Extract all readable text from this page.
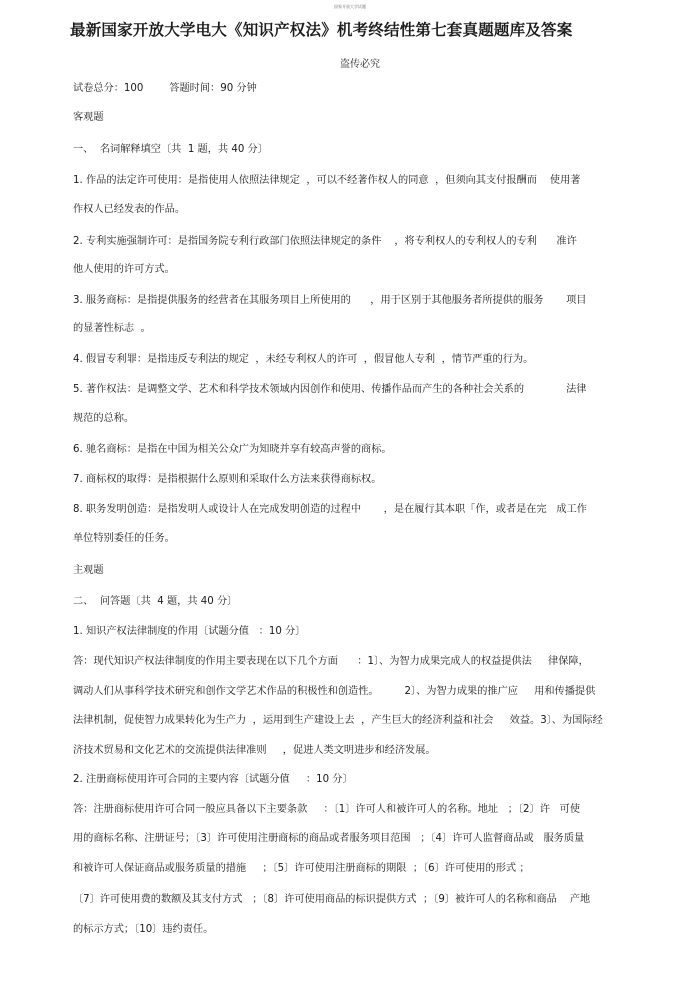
国家开放大学试题
最新国家开放大学电大《知识产权法》机考终结性第七套真题题库及答案
盗传必究
试卷总分：100        答题时间：90 分钟
客观题
一、  名词解释填空〔共  1 题，共 40 分〕
1. 作品的法定许可使用：是指使用人依照法律规定  ，可以不经著作权人的同意  ，但须向其支付报酬而    使用著
作权人已经发表的作品。
2. 专利实施强制许可：是指国务院专利行政部门依照法律规定的条件    ，将专利权人的专利权人的专利      准许
他人使用的许可方式。
3. 服务商标：是指提供服务的经营者在其服务项目上所使用的      ，用于区别于其他服务者所提供的服务       项目
的显著性标志  。
4. 假冒专利罪：是指违反专利法的规定  ，未经专利权人的许可  ，假冒他人专利  ，情节严重的行为。
5. 著作权法：是调整文学、艺术和科学技术领域内因创作和使用、传播作品而产生的各种社会关系的             法律
规范的总称。
6. 驰名商标：是指在中国为相关公众广为知晓并享有较高声誉的商标。
7. 商标权的取得：是指根据什么原则和采取什么方法来获得商标权。
8. 职务发明创造：是指发明人或设计人在完成发明创造的过程中       ，是在履行其本职「作，或者是在完   成工作
单位特别委任的任务。
主观题
二、  问答题〔共  4 题，共 40 分〕
1. 知识产权法律制度的作用〔试题分值   ：10 分〕
答：现代知识产权法律制度的作用主要表现在以下几个方面      ：1〕、为智力成果完成人的权益提供法     律保障，
调动人们从事科学技术研究和创作文学艺术作品的积极性和创造性。        2〕、为智力成果的推广应     用和传播提供
法律机制，促使智力成果转化为生产力  ，运用到生产建设上去  ，产生巨大的经济利益和社会     效益。3〕、为国际经
济技术贸易和文化艺术的交流提供法律准则     ，促进人类文明进步和经济发展。
2. 注册商标使用许可合同的主要内容〔试题分值     ：10 分〕
答：注册商标使用许可合同一般应具备以下主要条款     ：〔1〕许可人和被许可人的名称。地址   ；〔2〕许   可使
用的商标名称、注册证号；〔3〕许可使用注册商标的商品或者服务项目范围   ；〔4〕许可人监督商品或   服务质量
和被许可人保证商品或服务质量的措施     ；〔5〕许可使用注册商标的期限  ；〔6〕许可使用的形式 ；
〔7〕许可使用费的数额及其支付方式   ；〔8〕许可使用商品的标识提供方式  ；〔9〕被许可人的名称和商品    产地
的标示方式；〔10〕违约责任。
